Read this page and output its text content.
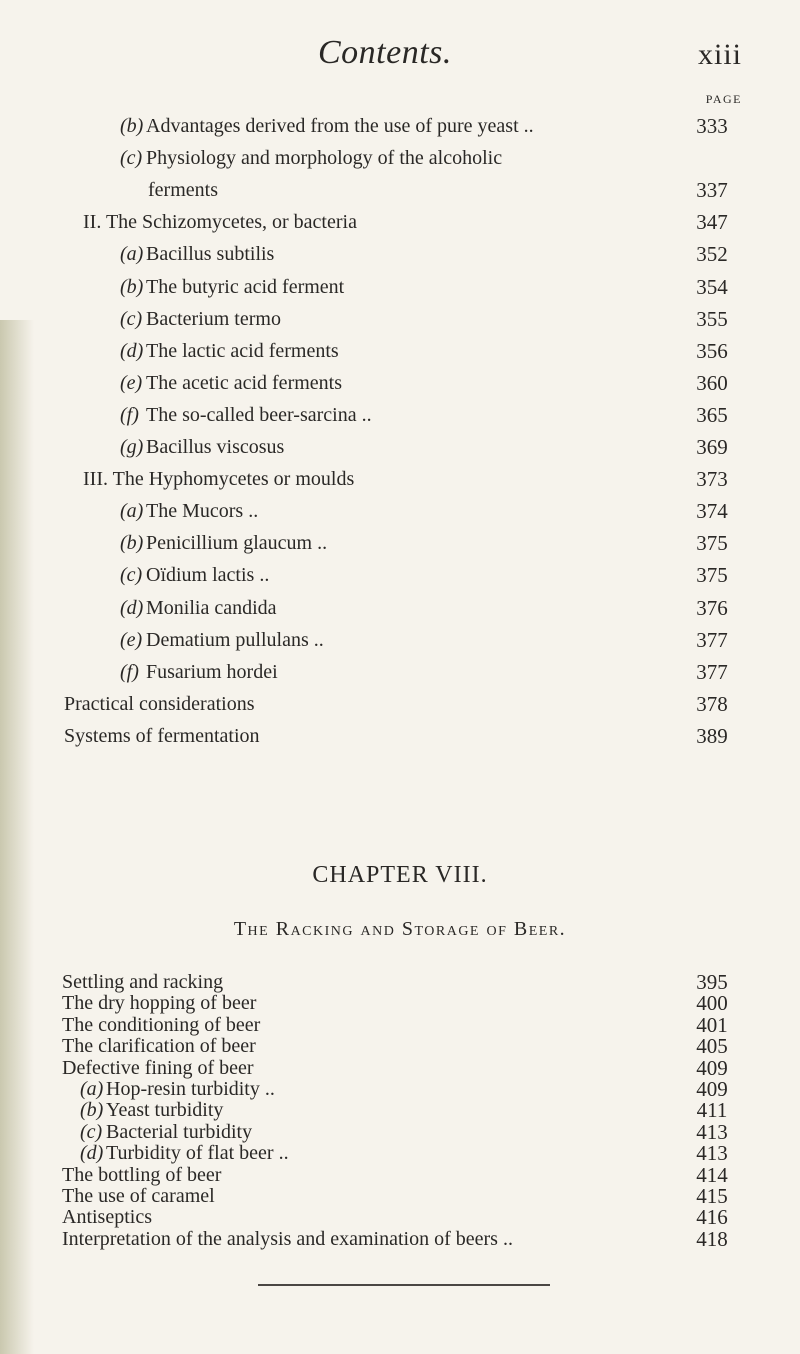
Contents.	xiii
PAGE
(b) Advantages derived from the use of pure yeast ..	333
(c) Physiology and morphology of the alcoholic
ferments	337
II. The Schizomycetes, or bacteria	347
(a) Bacillus subtilis	352
(b) The butyric acid ferment	354
(c) Bacterium termo	355
(d) The lactic acid ferments	356
(e) The acetic acid ferments	360
(f) The so-called beer-sarcina ..	365
(g) Bacillus viscosus	369
III. The Hyphomycetes or moulds	373
(a) The Mucors ..	374
(b) Penicillium glaucum ..	375
(c) Oïdium lactis ..	375
(d) Monilia candida	376
(e) Dematium pullulans ..	377
(f) Fusarium hordei	377
Practical considerations	378
Systems of fermentation	389
CHAPTER VIII.
The Racking and Storage of Beer.
Settling and racking	395
The dry hopping of beer	400
The conditioning of beer	401
The clarification of beer	405
Defective fining of beer	409
(a) Hop-resin turbidity ..	409
(b) Yeast turbidity	411
(c) Bacterial turbidity	413
(d) Turbidity of flat beer ..	413
The bottling of beer	414
The use of caramel	415
Antiseptics	416
Interpretation of the analysis and examination of beers ..	418
